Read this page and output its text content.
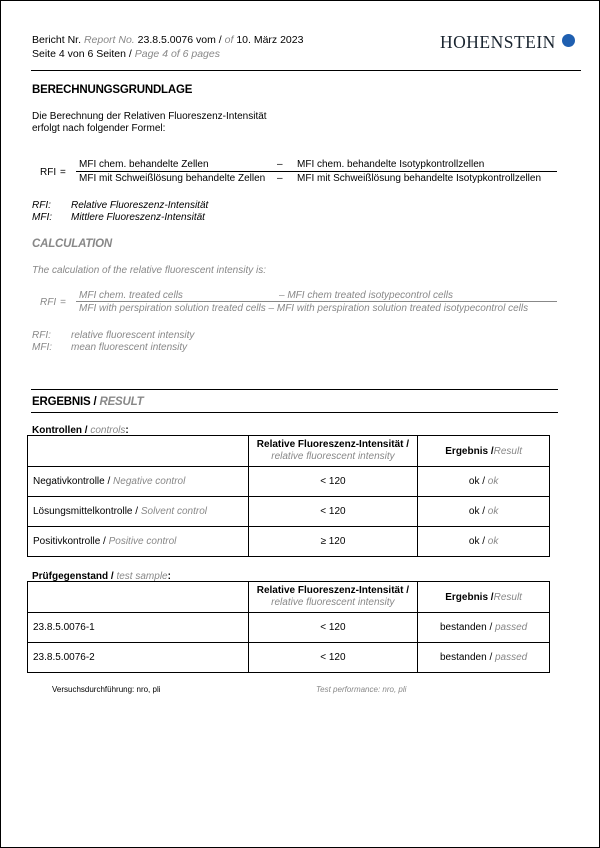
Bericht Nr. Report No. 23.8.5.0076 vom / of 10. März 2023
Seite 4 von 6 Seiten / Page 4 of 6 pages
HOHENSTEIN
BERECHNUNGSGRUNDLAGE
Die Berechnung der Relativen Fluoreszenz-Intensität
erfolgt nach folgender Formel:
RFI =
MFI chem. behandelte Zellen	– MFI chem. behandelte Isotypkontrollzellen
MFI mit Schweißlösung behandelte Zellen – MFI mit Schweißlösung behandelte Isotypkontrollzellen
RFI: Relative Fluoreszenz-Intensität
MFI: Mittlere Fluoreszenz-Intensität
CALCULATION
The calculation of the relative fluorescent intensity is:
RFI =
MFI chem. treated cells	– MFI chem treated isotypecontrol cells
MFI with perspiration solution treated cells – MFI with perspiration solution treated isotypecontrol cells
RFI: relative fluorescent intensity
MFI: mean fluorescent intensity
ERGEBNIS / RESULT
Kontrollen / controls:

	Relative Fluoreszenz-Intensität /
relative fluorescent intensity	Ergebnis /Result
Negativkontrolle / Negative control	< 120	ok / ok
Lösungsmittelkontrolle / Solvent control	< 120	ok / ok
Positivkontrolle / Positive control	≥ 120	ok / ok
Prüfgegenstand / test sample:

	Relative Fluoreszenz-Intensität /
relative fluorescent intensity	Ergebnis /Result
23.8.5.0076-1	< 120	bestanden / passed
23.8.5.0076-2	< 120	bestanden / passed
Versuchsdurchführung: nro, pli	Test performance: nro, pli
